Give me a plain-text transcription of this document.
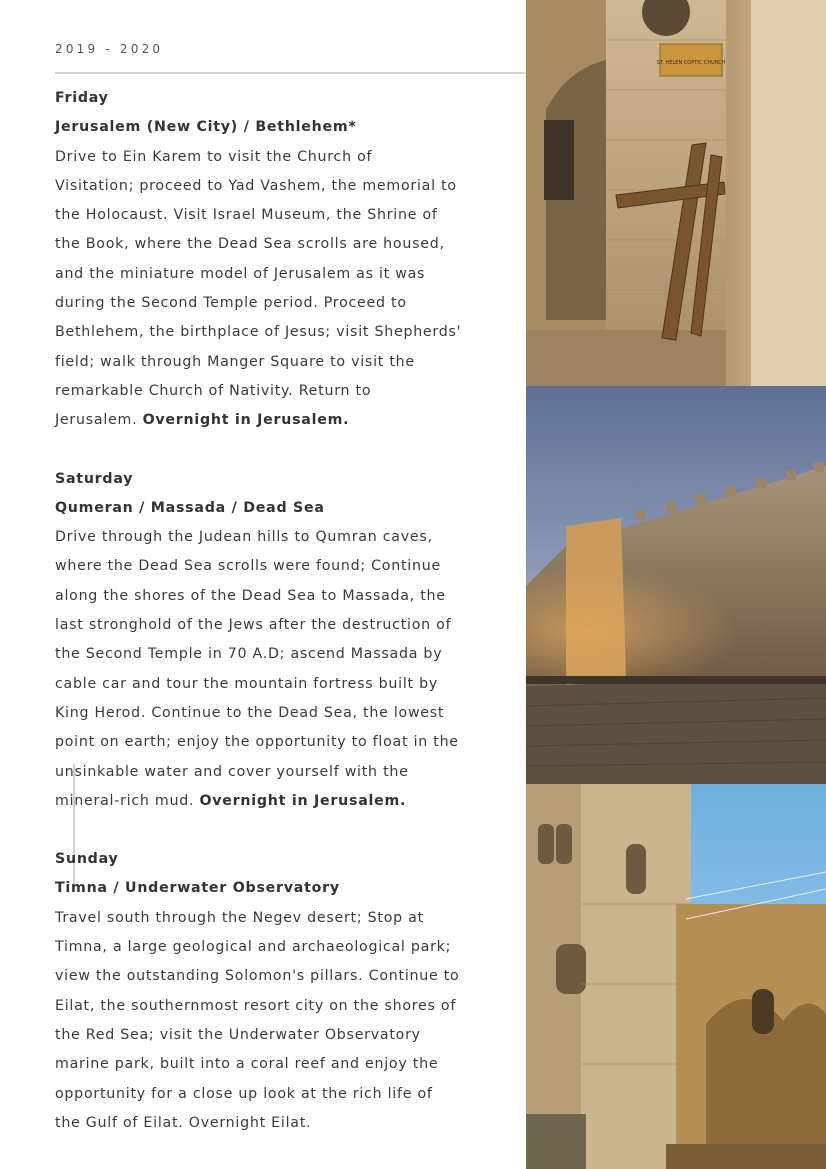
2019 - 2020
Friday
Jerusalem (New City) / Bethlehem*
Drive to Ein Karem to visit the Church of
Visitation; proceed to Yad Vashem, the memorial to
the Holocaust. Visit Israel Museum, the Shrine of
the Book, where the Dead Sea scrolls are housed,
and the miniature model of Jerusalem as it was
during the Second Temple period. Proceed to
Bethlehem, the birthplace of Jesus; visit Shepherds'
field; walk through Manger Square to visit the
remarkable Church of Nativity. Return to
Jerusalem. Overnight in Jerusalem.
Saturday
Qumeran / Massada / Dead Sea
Drive through the Judean hills to Qumran caves,
where the Dead Sea scrolls were found; Continue
along the shores of the Dead Sea to Massada, the
last stronghold of the Jews after the destruction of
the Second Temple in 70 A.D; ascend Massada by
cable car and tour the mountain fortress built by
King Herod. Continue to the Dead Sea, the lowest
point on earth; enjoy the opportunity to float in the
unsinkable water and cover yourself with the
mineral-rich mud. Overnight in Jerusalem.
Sunday
Timna / Underwater Observatory
Travel south through the Negev desert; Stop at
Timna, a large geological and archaeological park;
view the outstanding Solomon's pillars. Continue to
Eilat, the southernmost resort city on the shores of
the Red Sea; visit the Underwater Observatory
marine park, built into a coral reef and enjoy the
opportunity for a close up look at the rich life of
the Gulf of Eilat. Overnight Eilat.
ST. HELEN COPTIC CHURCH
